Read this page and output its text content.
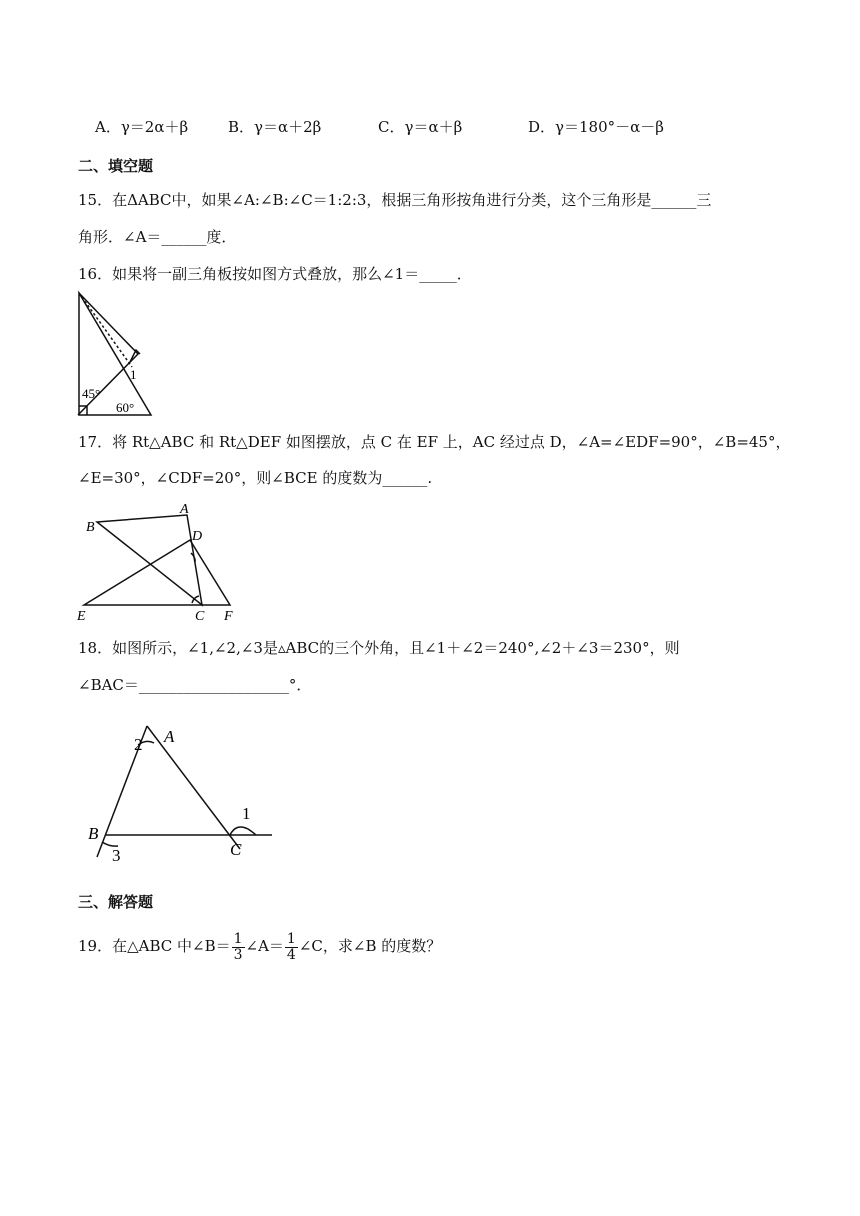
A．γ＝2α＋β	B．γ＝α＋2β	C．γ＝α＋β	D．γ＝180°－α－β
二、填空题
15．在ΔABC中，如果∠A:∠B:∠C＝1:2:3，根据三角形按角进行分类，这个三角形是______三
角形．∠A＝______度．
16．如果将一副三角板按如图方式叠放，那么∠1＝_____．
45°
60°
1
17．将 Rt△ABC 和 Rt△DEF 如图摆放，点 C 在 EF 上，AC 经过点 D，∠A=∠EDF=90°，∠B=45°，
∠E=30°，∠CDF=20°，则∠BCE 的度数为______.
B
A
D
E	C F
18．如图所示，∠1,∠2,∠3是▵ABC的三个外角，且∠1＋∠2＝240°,∠2＋∠3＝230°，则
∠BAC＝____________________°．
A
2
B
3	C
1
三、解答题
19．在△ABC 中∠B＝ $\frac{1}{3}$ ∠A＝ $\frac{1}{4}$ ∠C，求∠B 的度数？
